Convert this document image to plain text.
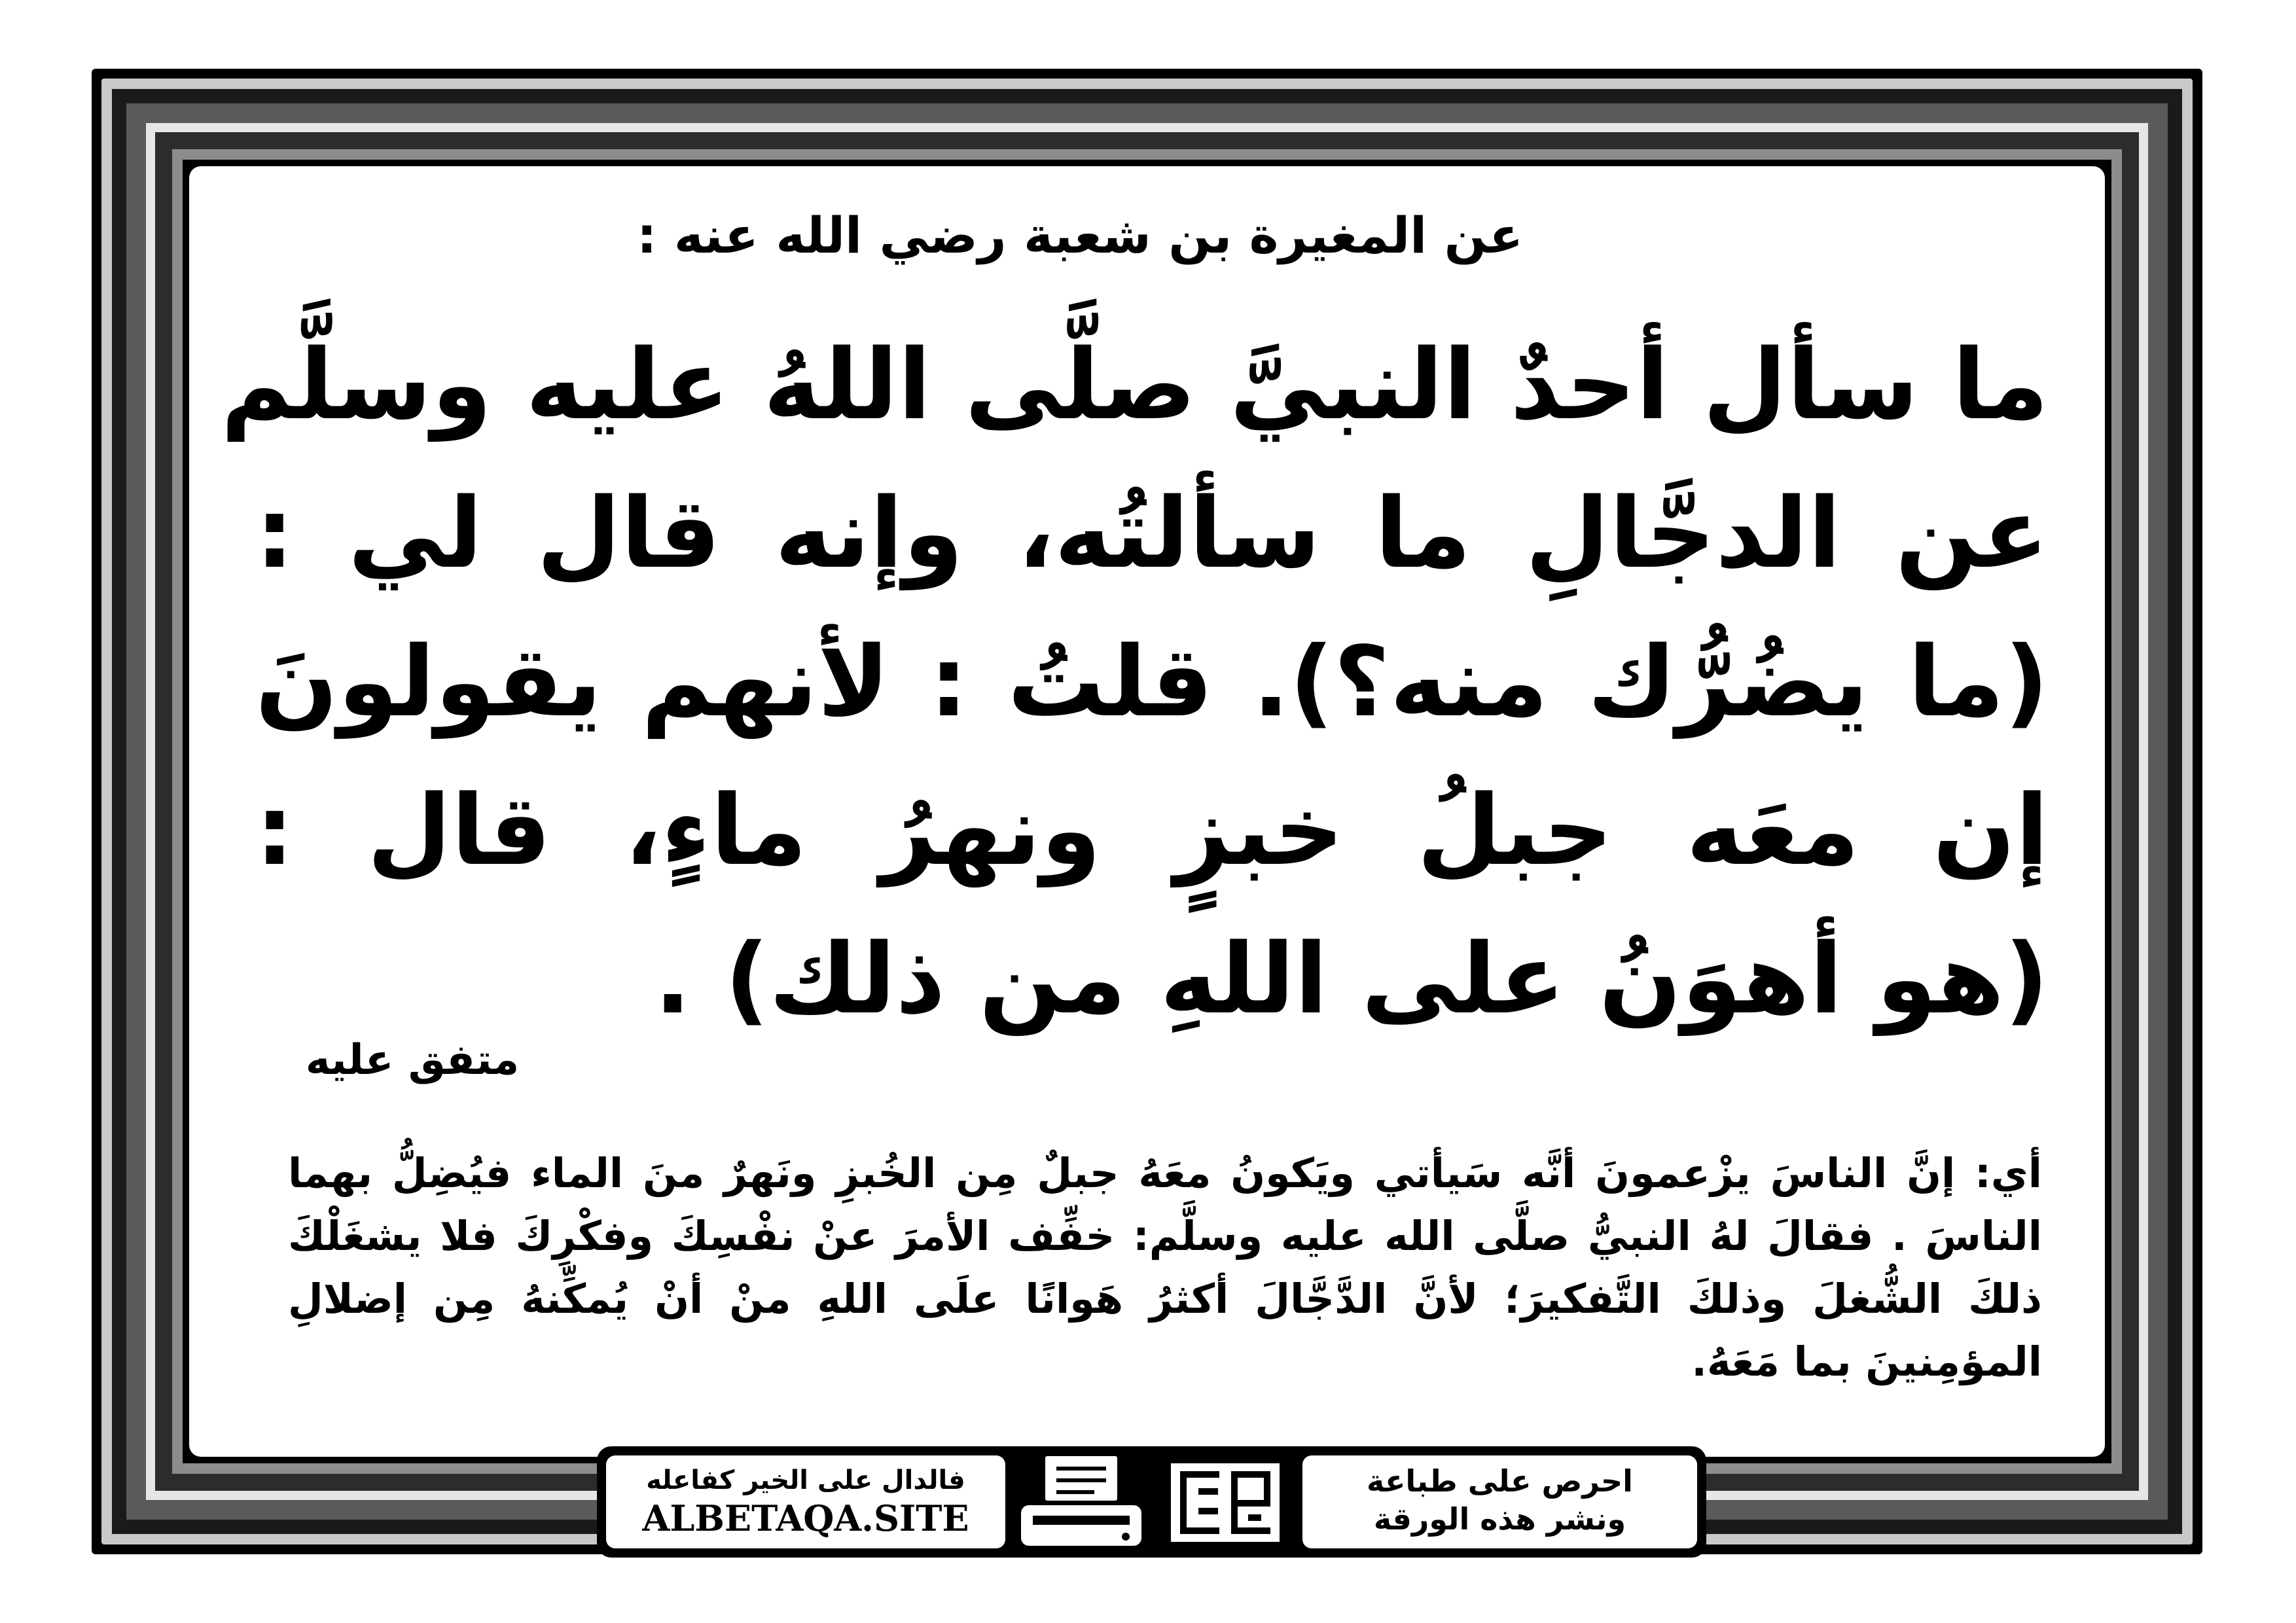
عن المغيرة بن شعبة رضي الله عنه :
ما سأل أحدٌ النبيَّ صلَّى اللهُ عليه وسلَّم
عن الدجَّالِ ما سألتُه، وإنه قال لي :
(ما يضُرُّك منه؟). قلتُ : لأنهم يقولونَ
إن معَه جبلُ خبزٍ ونهرُ ماءٍ، قال :
(هو أهوَنُ على اللهِ من ذلك) .
متفق عليه
أي: إنَّ الناسَ يزْعمونَ أنَّه سَيأتي ويَكونُ معَهُ جبلٌ مِن الخُبزِ ونَهرٌ منَ الماء فيُضِلُّ بهما الناسَ . فقالَ لهُ النبيُّ صلَّى الله عليه وسلَّم: خفِّف الأمرَ عنْ نفْسِكَ وفكْرِكَ فلا يشغَلْكَ ذلكَ الشُّغلَ وذلكَ التَّفكيرَ؛ لأنَّ الدَّجَّالَ أكثرُ هَوانًا علَى اللهِ منْ أنْ يُمكِّنهُ مِن إضلالِ المؤمِنينَ بما مَعَهُ.
فالدال على الخير كفاعله
ALBETAQA.SITE
احرص على طباعة
ونشر هذه الورقة
